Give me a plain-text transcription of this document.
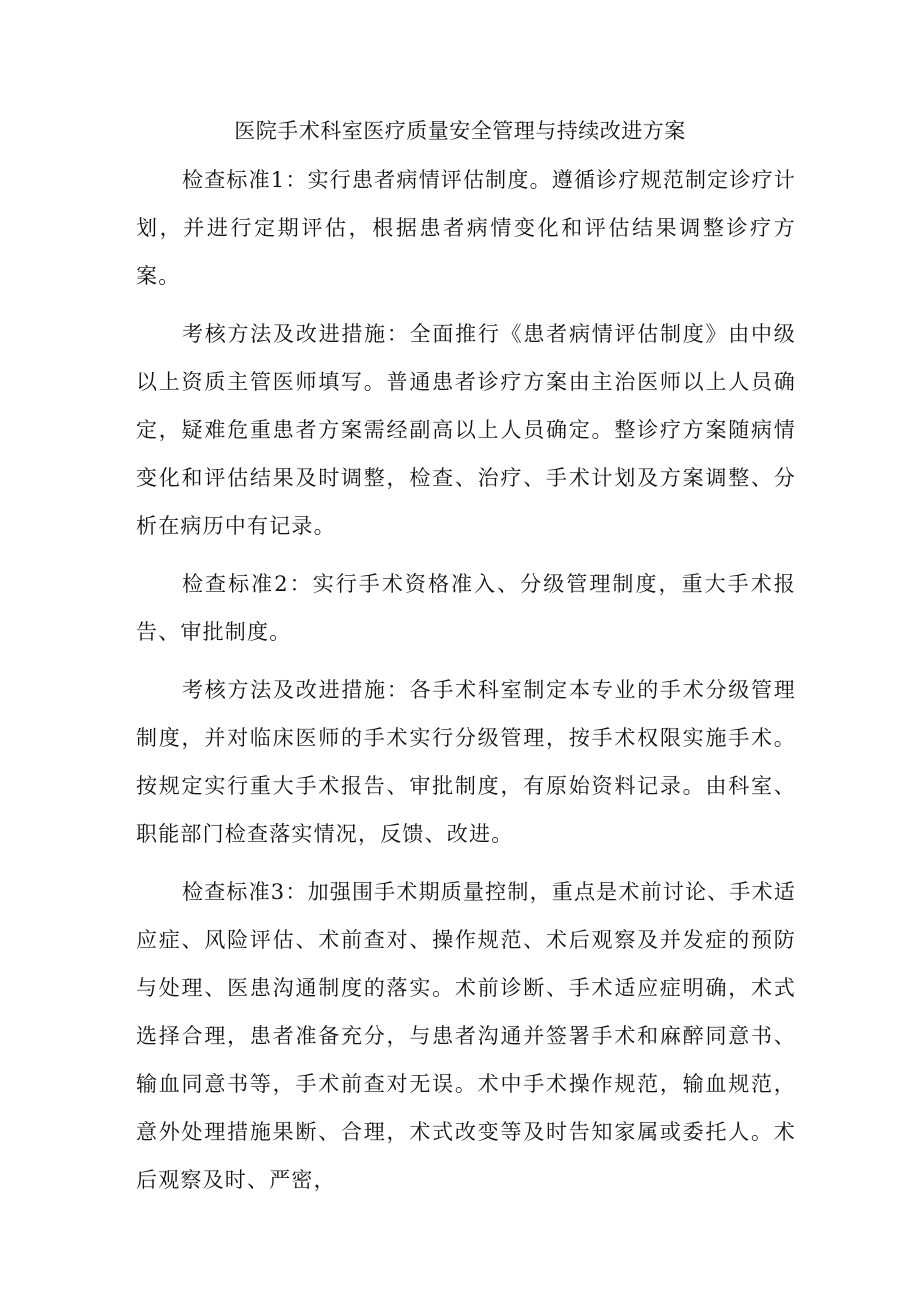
医院手术科室医疗质量安全管理与持续改进方案

检查标准1：实行患者病情评估制度。遵循诊疗规范制定诊疗计划，并进行定期评估，根据患者病情变化和评估结果调整诊疗方案。

考核方法及改进措施：全面推行《患者病情评估制度》由中级以上资质主管医师填写。普通患者诊疗方案由主治医师以上人员确定，疑难危重患者方案需经副高以上人员确定。整诊疗方案随病情变化和评估结果及时调整，检查、治疗、手术计划及方案调整、分析在病历中有记录。

检查标准2：实行手术资格准入、分级管理制度，重大手术报告、审批制度。

考核方法及改进措施：各手术科室制定本专业的手术分级管理制度，并对临床医师的手术实行分级管理，按手术权限实施手术。按规定实行重大手术报告、审批制度，有原始资料记录。由科室、职能部门检查落实情况，反馈、改进。

检查标准3：加强围手术期质量控制，重点是术前讨论、手术适应症、风险评估、术前查对、操作规范、术后观察及并发症的预防与处理、医患沟通制度的落实。术前诊断、手术适应症明确，术式选择合理，患者准备充分，与患者沟通并签署手术和麻醉同意书、输血同意书等，手术前查对无误。术中手术操作规范，输血规范，意外处理措施果断、合理，术式改变等及时告知家属或委托人。术后观察及时、严密，
